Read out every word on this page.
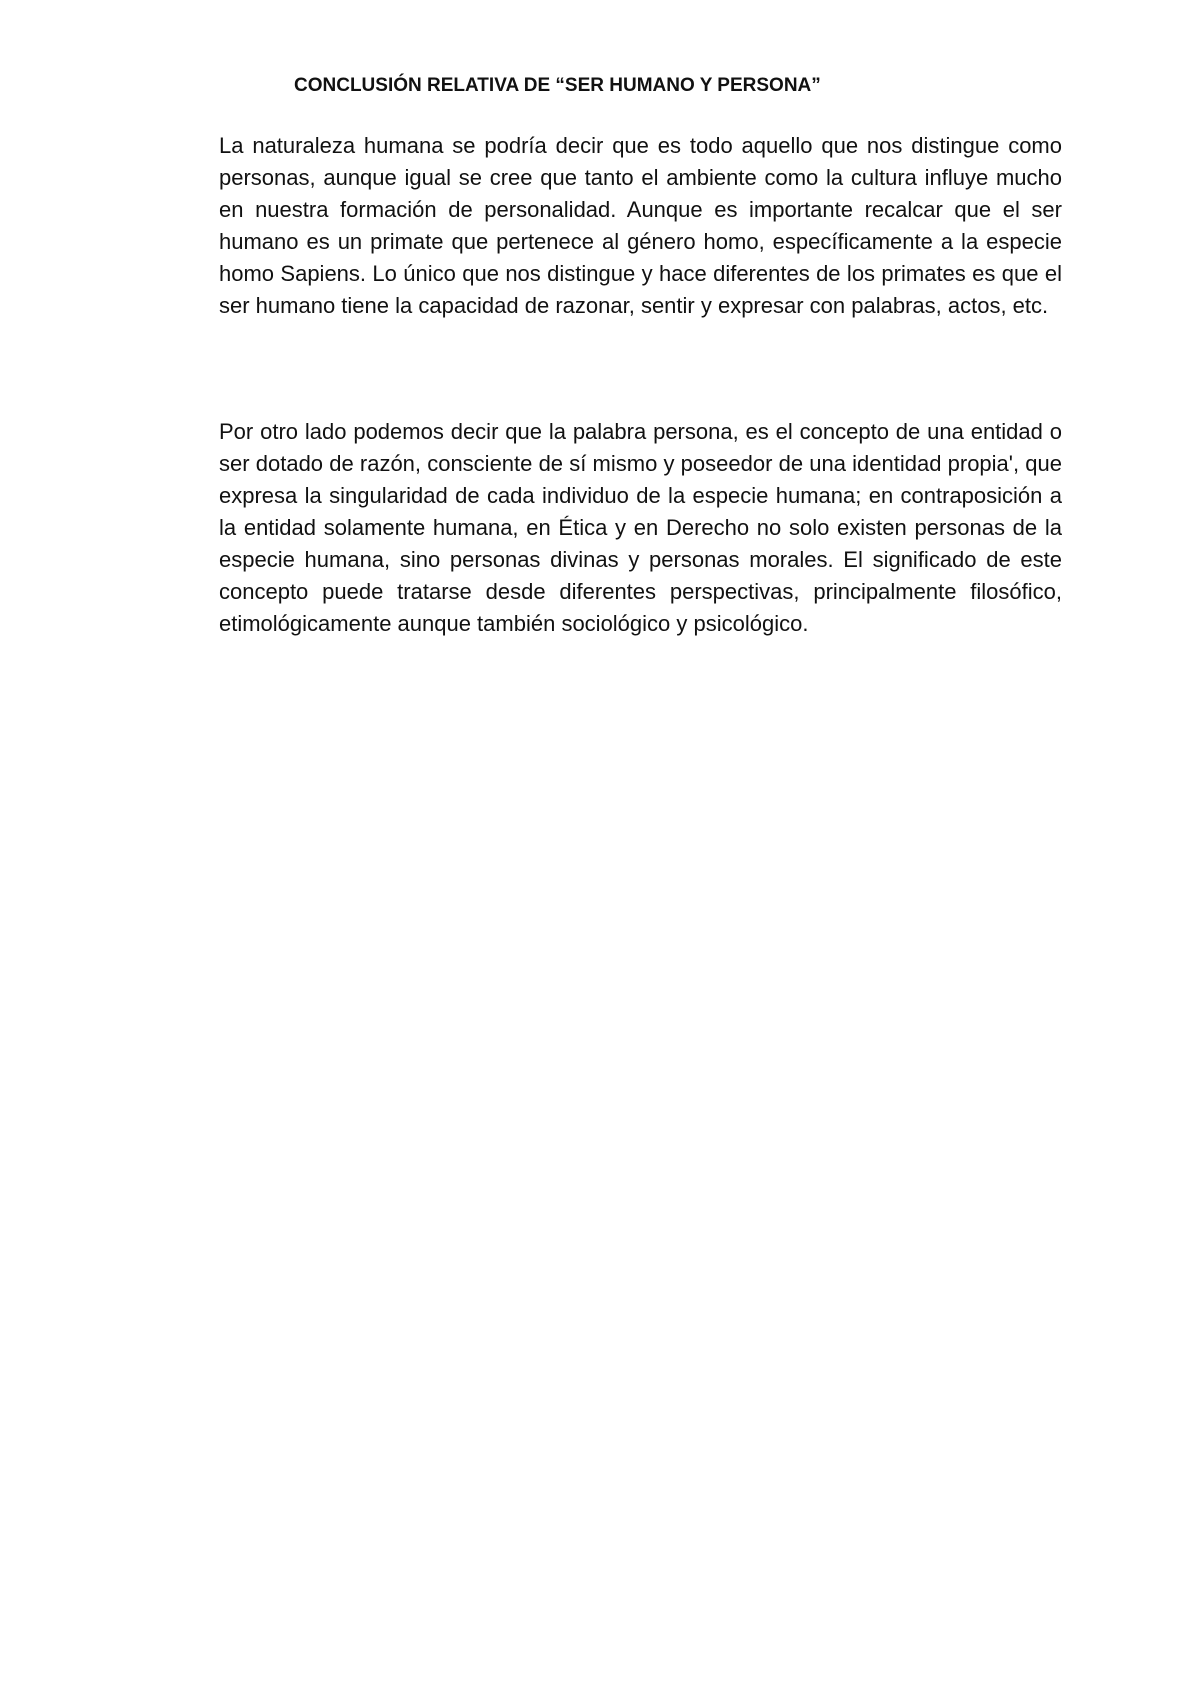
CONCLUSIÓN RELATIVA DE “SER HUMANO Y PERSONA”

La naturaleza humana se podría decir que es todo aquello que nos distingue como personas, aunque igual se cree que tanto el ambiente como la cultura influye mucho en nuestra formación de personalidad. Aunque es importante recalcar que el ser humano es un primate que pertenece al género homo, específicamente a la especie homo Sapiens. Lo único que nos distingue y hace diferentes de los primates es que el ser humano tiene la capacidad de razonar, sentir y expresar con palabras, actos, etc.

Por otro lado podemos decir que la palabra persona, es el concepto de una entidad o ser dotado de razón, consciente de sí mismo y poseedor de una identidad propia', que expresa la singularidad de cada individuo de la especie humana; en contraposición a la entidad solamente humana, en Ética y en Derecho no solo existen personas de la especie humana, sino personas divinas y personas morales. El significado de este concepto puede tratarse desde diferentes perspectivas, principalmente filosófico, etimológicamente aunque también sociológico y psicológico.
